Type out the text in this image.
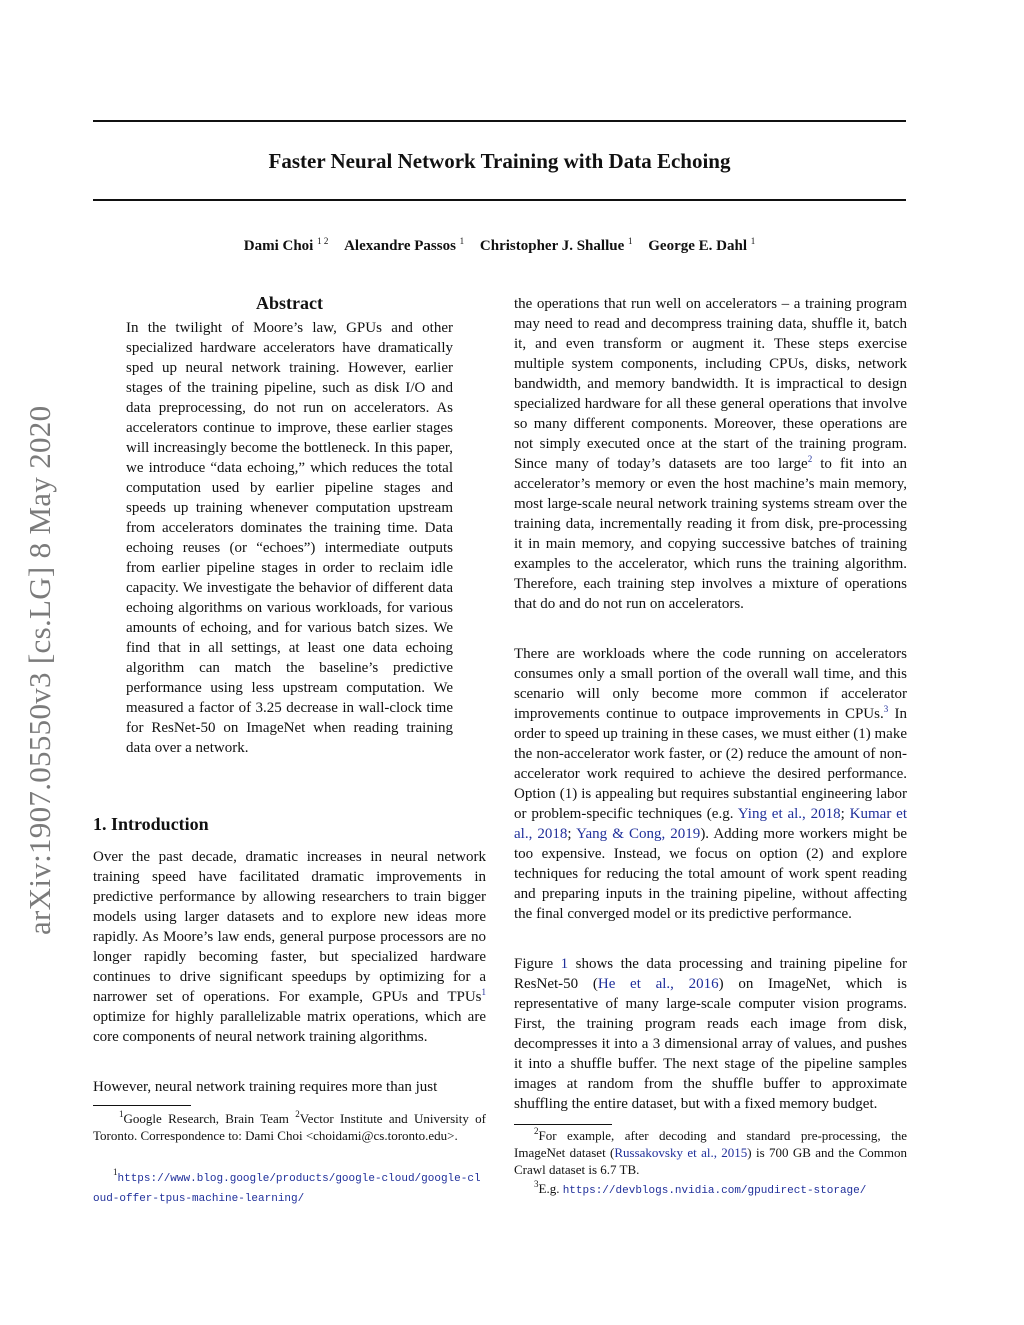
arXiv:1907.05550v3 [cs.LG] 8 May 2020
Faster Neural Network Training with Data Echoing
Dami Choi $^{1 2}$ Alexandre Passos $^1$ Christopher J. Shallue $^1$ George E. Dahl $^1$
Abstract
In the twilight of Moore’s law, GPUs and other specialized hardware accelerators have dramatically sped up neural network training. However, earlier stages of the training pipeline, such as disk I/O and data preprocessing, do not run on accelerators. As accelerators continue to improve, these earlier stages will increasingly become the bottleneck. In this paper, we introduce “data echoing,” which reduces the total computation used by earlier pipeline stages and speeds up training whenever computation upstream from accelerators dominates the training time. Data echoing reuses (or “echoes”) intermediate outputs from earlier pipeline stages in order to reclaim idle capacity. We investigate the behavior of different data echoing algorithms on various workloads, for various amounts of echoing, and for various batch sizes. We find that in all settings, at least one data echoing algorithm can match the baseline’s predictive performance using less upstream computation. We measured a factor of 3.25 decrease in wall-clock time for ResNet-50 on ImageNet when reading training data over a network.
1. Introduction
Over the past decade, dramatic increases in neural network training speed have facilitated dramatic improvements in predictive performance by allowing researchers to train bigger models using larger datasets and to explore new ideas more rapidly. As Moore’s law ends, general purpose processors are no longer rapidly becoming faster, but specialized hardware continues to drive significant speedups by optimizing for a narrower set of operations. For example, GPUs and TPUs$^1$ optimize for highly parallelizable matrix operations, which are core components of neural network training algorithms.
However, neural network training requires more than just
$^1$Google Research, Brain Team $^2$Vector Institute and University of Toronto. Correspondence to: Dami Choi <choidami@cs.toronto.edu>.
$^1$https://www.blog.google/products/google-cloud/google-cloud-offer-tpus-machine-learning/
the operations that run well on accelerators – a training program may need to read and decompress training data, shuffle it, batch it, and even transform or augment it. These steps exercise multiple system components, including CPUs, disks, network bandwidth, and memory bandwidth. It is impractical to design specialized hardware for all these general operations that involve so many different components. Moreover, these operations are not simply executed once at the start of the training program. Since many of today’s datasets are too large$^2$ to fit into an accelerator’s memory or even the host machine’s main memory, most large-scale neural network training systems stream over the training data, incrementally reading it from disk, pre-processing it in main memory, and copying successive batches of training examples to the accelerator, which runs the training algorithm. Therefore, each training step involves a mixture of operations that do and do not run on accelerators.
There are workloads where the code running on accelerators consumes only a small portion of the overall wall time, and this scenario will only become more common if accelerator improvements continue to outpace improvements in CPUs.$^3$ In order to speed up training in these cases, we must either (1) make the non-accelerator work faster, or (2) reduce the amount of non-accelerator work required to achieve the desired performance. Option (1) is appealing but requires substantial engineering labor or problem-specific techniques (e.g. Ying et al., 2018; Kumar et al., 2018; Yang & Cong, 2019). Adding more workers might be too expensive. Instead, we focus on option (2) and explore techniques for reducing the total amount of work spent reading and preparing inputs in the training pipeline, without affecting the final converged model or its predictive performance.
Figure 1 shows the data processing and training pipeline for ResNet-50 (He et al., 2016) on ImageNet, which is representative of many large-scale computer vision programs. First, the training program reads each image from disk, decompresses it into a 3 dimensional array of values, and pushes it into a shuffle buffer. The next stage of the pipeline samples images at random from the shuffle buffer to approximate shuffling the entire dataset, but with a fixed memory budget.
$^2$For example, after decoding and standard pre-processing, the ImageNet dataset (Russakovsky et al., 2015) is 700 GB and the Common Crawl dataset is 6.7 TB.
$^3$E.g. https://devblogs.nvidia.com/gpudirect-storage/
